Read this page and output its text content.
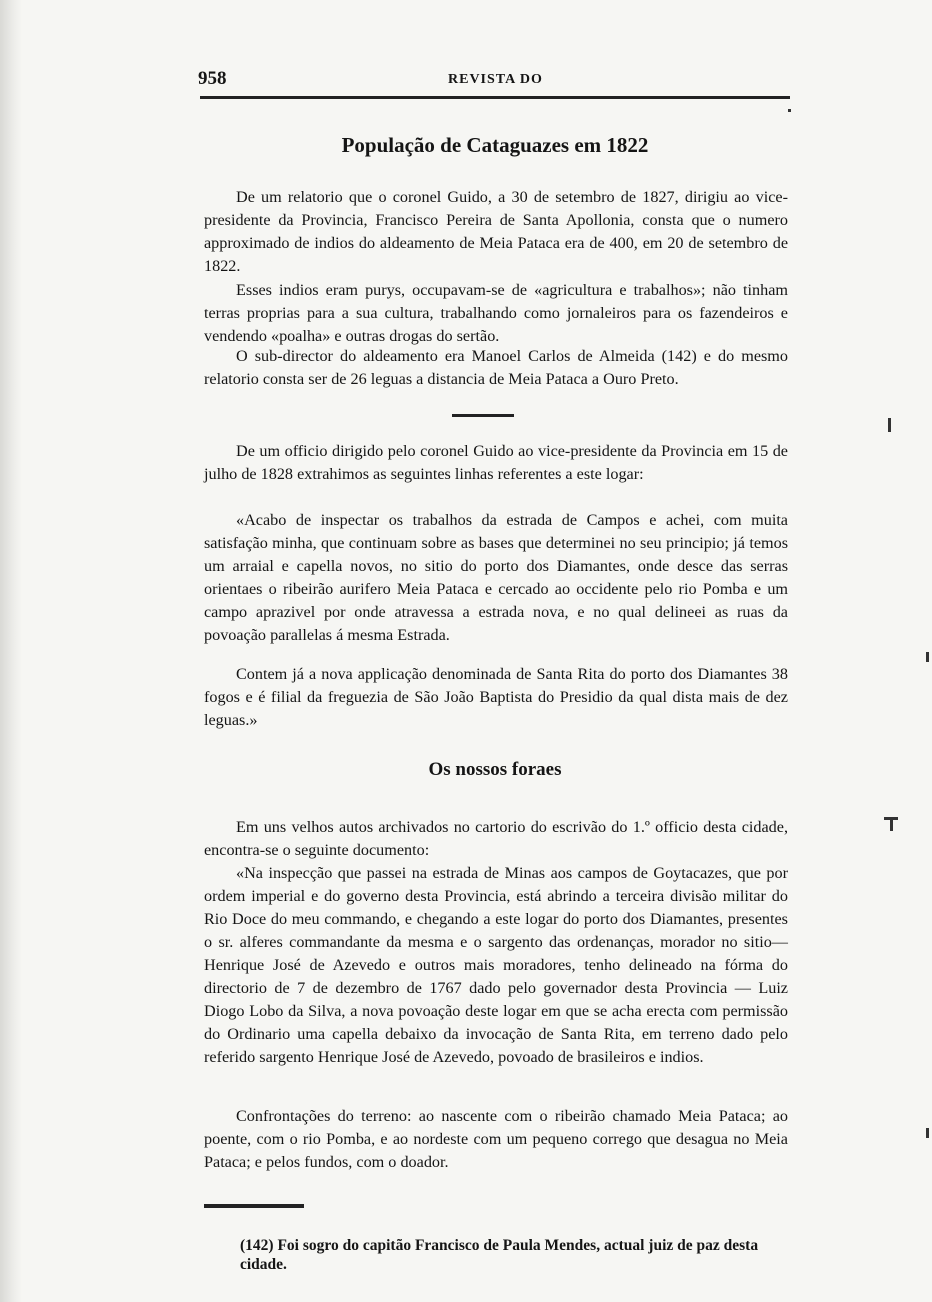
958	REVISTA DO
População de Cataguazes em 1822

De um relatorio que o coronel Guido, a 30 de setembro de 1827, dirigiu ao vice-presidente da Provincia, Francisco Pereira de Santa Apollonia, consta que o numero approximado de indios do aldeamento de Meia Pataca era de 400, em 20 de setembro de 1822.

Esses indios eram purys, occupavam-se de «agricultura e trabalhos»; não tinham terras proprias para a sua cultura, trabalhando como jornaleiros para os fazendeiros e vendendo «poalha» e outras drogas do sertão.

O sub-director do aldeamento era Manoel Carlos de Almeida (142) e do mesmo relatorio consta ser de 26 leguas a distancia de Meia Pataca a Ouro Preto.

De um officio dirigido pelo coronel Guido ao vice-presidente da Provincia em 15 de julho de 1828 extrahimos as seguintes linhas referentes a este logar:

«Acabo de inspectar os trabalhos da estrada de Campos e achei, com muita satisfação minha, que continuam sobre as bases que determinei no seu principio; já temos um arraial e capella novos, no sitio do porto dos Diamantes, onde desce das serras orientaes o ribeirão aurifero Meia Pataca e cercado ao occidente pelo rio Pomba e um campo aprazivel por onde atravessa a estrada nova, e no qual delineei as ruas da povoação parallelas á mesma Estrada.

Contem já a nova applicação denominada de Santa Rita do porto dos Diamantes 38 fogos e é filial da freguezia de São João Baptista do Presidio da qual dista mais de dez leguas.»

Os nossos foraes

Em uns velhos autos archivados no cartorio do escrivão do 1.º officio desta cidade, encontra-se o seguinte documento:

«Na inspecção que passei na estrada de Minas aos campos de Goytacazes, que por ordem imperial e do governo desta Provincia, está abrindo a terceira divisão militar do Rio Doce do meu commando, e chegando a este logar do porto dos Diamantes, presentes o sr. alferes commandante da mesma e o sargento das ordenanças, morador no sitio— Henrique José de Azevedo e outros mais moradores, tenho delineado na fórma do directorio de 7 de dezembro de 1767 dado pelo governador desta Provincia — Luiz Diogo Lobo da Silva, a nova povoação deste logar em que se acha erecta com permissão do Ordinario uma capella debaixo da invocação de Santa Rita, em terreno dado pelo referido sargento Henrique José de Azevedo, povoado de brasileiros e indios.

Confrontações do terreno: ao nascente com o ribeirão chamado Meia Pataca; ao poente, com o rio Pomba, e ao nordeste com um pequeno corrego que desagua no Meia Pataca; e pelos fundos, com o doador.

(142) Foi sogro do capitão Francisco de Paula Mendes, actual juiz de paz desta cidade.
